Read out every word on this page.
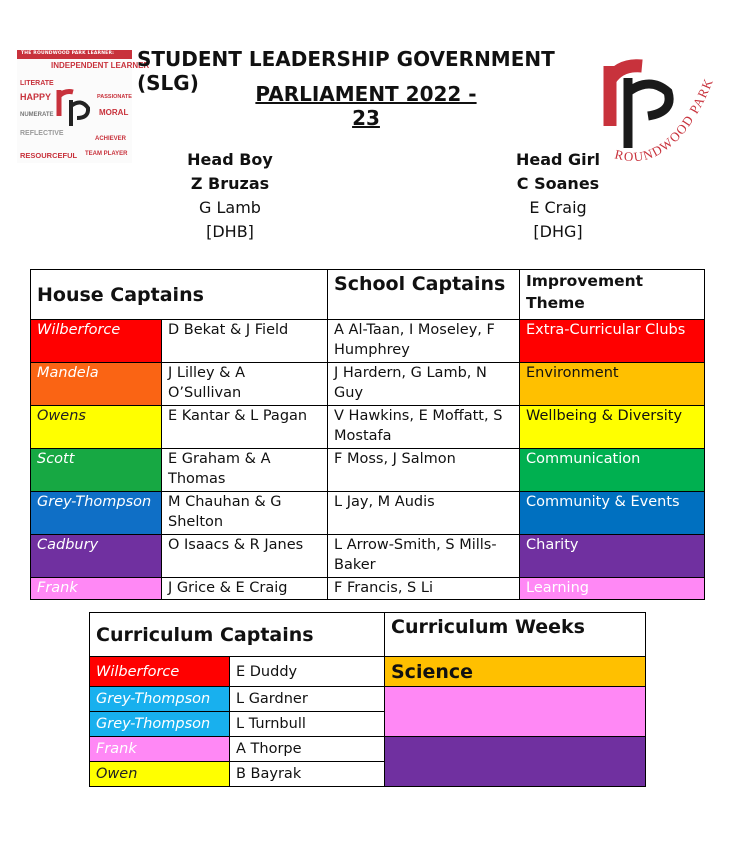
THE ROUNDWOOD PARK LEARNER:
INDEPENDENT LEARNER
LITERATE
HAPPY	PASSIONATE
MORAL
REFLECTIVE
ACHIEVER
RESOURCEFUL TEAM PLAYER
NUMERATE
ROUNDWOOD PARK
STUDENT LEADERSHIP GOVERNMENT (SLG)	PARLIAMENT 2022 - 23
Head Boy
Z Bruzas
G Lamb
[DHB]
Head Girl
C Soanes
E Craig
[DHG]
House Captains		School Captains	Improvement Theme
Wilberforce	D Bekat & J Field	A Al-Taan, I Moseley, F Humphrey	Extra-Curricular Clubs
Mandela	J Lilley & A O’Sullivan	J Hardern, G Lamb, N Guy	Environment
Owens	E Kantar & L Pagan	V Hawkins, E Moffatt, S Mostafa	Wellbeing & Diversity
Scott	E Graham & A Thomas	F Moss, J Salmon	Communication
Grey-Thompson	M Chauhan & G Shelton	L Jay, M Audis	Community & Events
Cadbury	O Isaacs & R Janes	L Arrow-Smith, S Mills-Baker	Charity
Frank	J Grice & E Craig	F Francis, S Li	Learning
Curriculum Captains		Curriculum Weeks
Wilberforce	E Duddy	Science
Grey-Thompson	L Gardner	
Grey-Thompson	L Turnbull	
Frank	A Thorpe	
Owen	B Bayrak	
